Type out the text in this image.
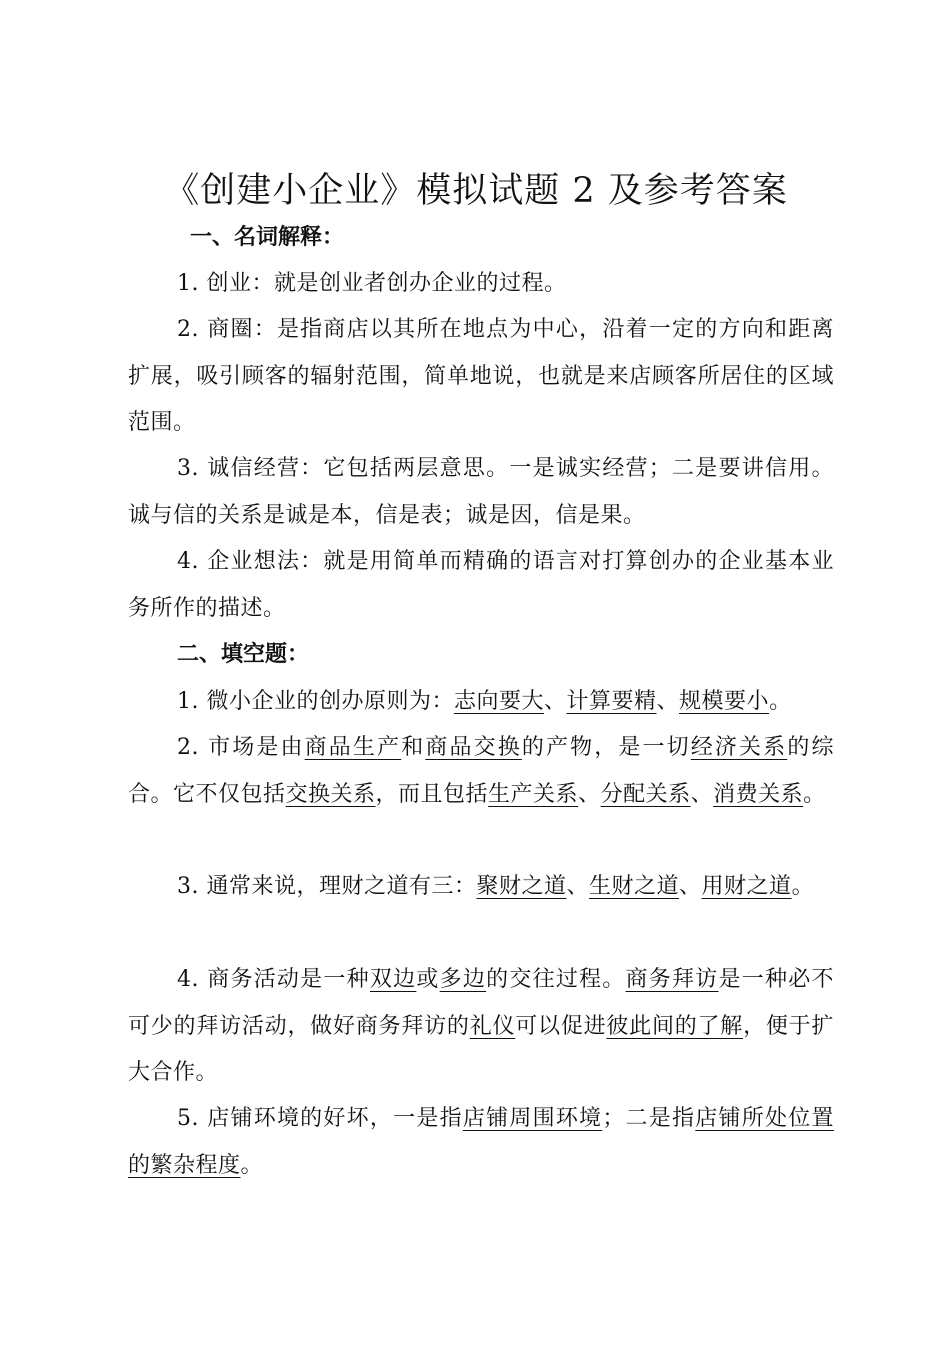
《创建小企业》模拟试题 2 及参考答案
一、名词解释：

1. 创业：就是创业者创办企业的过程。

2. 商圈：是指商店以其所在地点为中心，沿着一定的方向和距离扩展，吸引顾客的辐射范围，简单地说，也就是来店顾客所居住的区域范围。

3. 诚信经营：它包括两层意思。一是诚实经营；二是要讲信用。诚与信的关系是诚是本，信是表；诚是因，信是果。

4. 企业想法：就是用简单而精确的语言对打算创办的企业基本业务所作的描述。

二、填空题：

1. 微小企业的创办原则为：志向要大、计算要精、规模要小。

2. 市场是由商品生产和商品交换的产物，是一切经济关系的综合。它不仅包括交换关系，而且包括生产关系、分配关系、消费关系。

3. 通常来说，理财之道有三：聚财之道、生财之道、用财之道。

4. 商务活动是一种双边或多边的交往过程。商务拜访是一种必不可少的拜访活动，做好商务拜访的礼仪可以促进彼此间的了解，便于扩大合作。

5. 店铺环境的好坏，一是指店铺周围环境；二是指店铺所处位置的繁杂程度。
